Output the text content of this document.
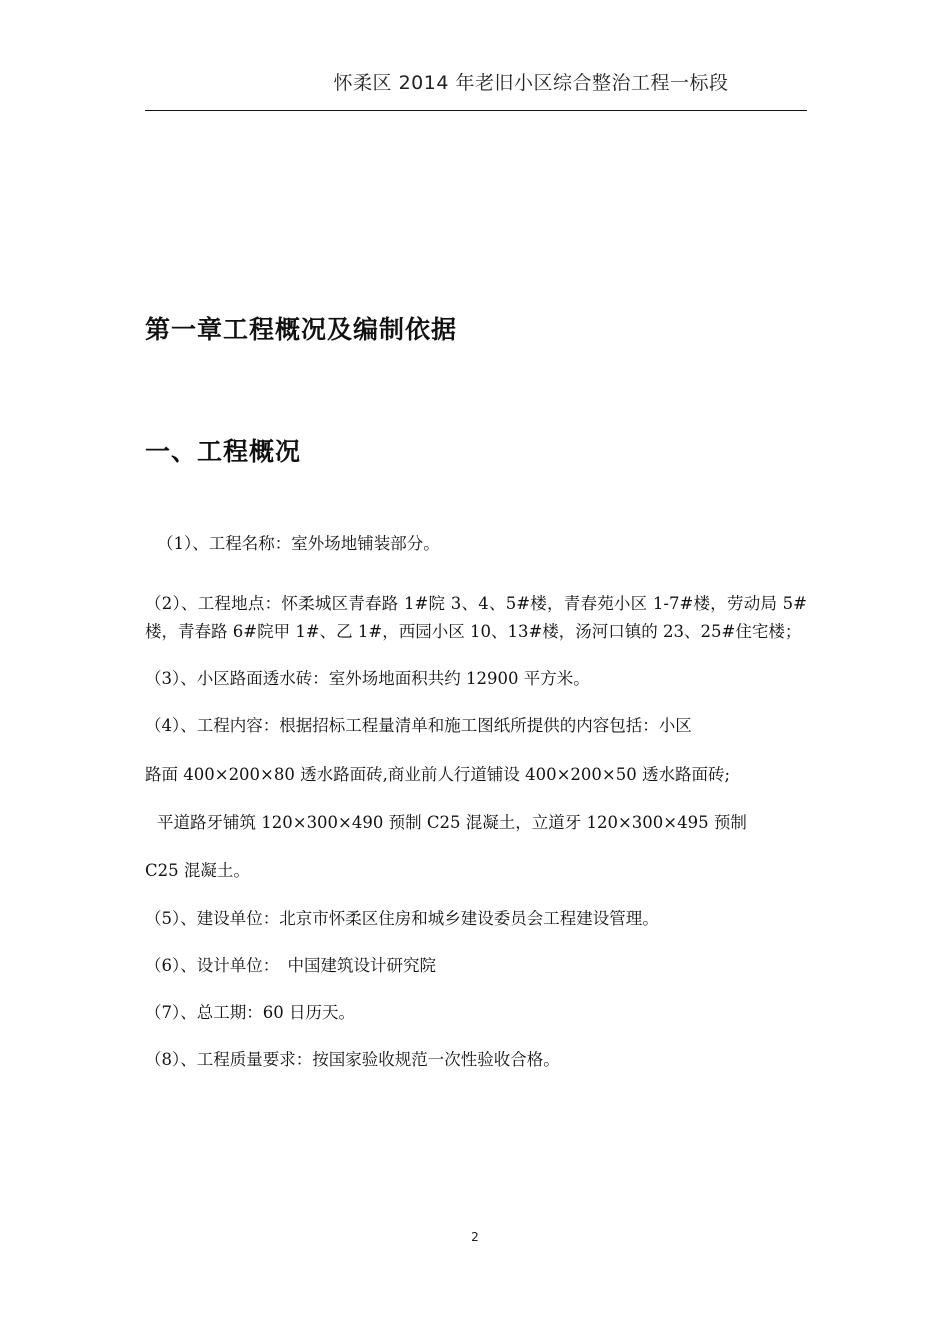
怀柔区 2014 年老旧小区综合整治工程一标段
第一章工程概况及编制依据
一、工程概况
（1）、工程名称：室外场地铺装部分。
（2）、工程地点：怀柔城区青春路 1#院 3、4、5#楼，青春苑小区 1-7#楼，劳动局 5#楼，青春路 6#院甲 1#、乙 1#，西园小区 10、13#楼，汤河口镇的 23、25#住宅楼；
（3）、小区路面透水砖：室外场地面积共约 12900 平方米。
（4）、工程内容：根据招标工程量清单和施工图纸所提供的内容包括：小区
路面 400×200×80 透水路面砖,商业前人行道铺设 400×200×50 透水路面砖;
平道路牙铺筑 120×300×490 预制 C25 混凝土，立道牙 120×300×495 预制
C25 混凝土。
（5）、建设单位：北京市怀柔区住房和城乡建设委员会工程建设管理。
（6）、设计单位：　中国建筑设计研究院
（7）、总工期：60 日历天。
（8）、工程质量要求：按国家验收规范一次性验收合格。
2
